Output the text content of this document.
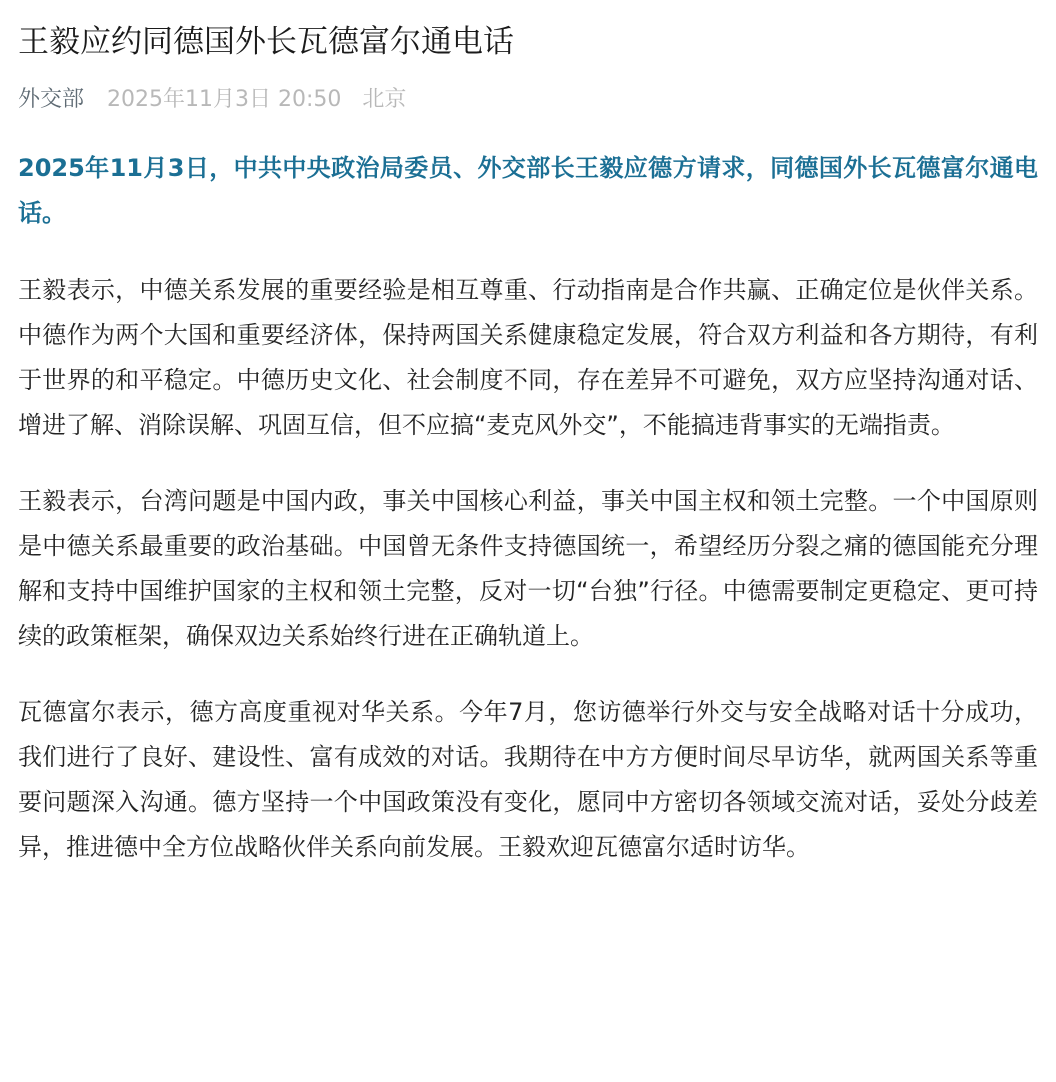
王毅应约同德国外长瓦德富尔通电话
外交部 2025年11月3日 20:50 北京

2025年11月3日，中共中央政治局委员、外交部长王毅应德方请求，同德国外长瓦德富尔通电话。

王毅表示，中德关系发展的重要经验是相互尊重、行动指南是合作共赢、正确定位是伙伴关系。中德作为两个大国和重要经济体，保持两国关系健康稳定发展，符合双方利益和各方期待，有利于世界的和平稳定。中德历史文化、社会制度不同，存在差异不可避免，双方应坚持沟通对话、增进了解、消除误解、巩固互信，但不应搞“麦克风外交”，不能搞违背事实的无端指责。

王毅表示，台湾问题是中国内政，事关中国核心利益，事关中国主权和领土完整。一个中国原则是中德关系最重要的政治基础。中国曾无条件支持德国统一，希望经历分裂之痛的德国能充分理解和支持中国维护国家的主权和领土完整，反对一切“台独”行径。中德需要制定更稳定、更可持续的政策框架，确保双边关系始终行进在正确轨道上。

瓦德富尔表示，德方高度重视对华关系。今年7月，您访德举行外交与安全战略对话十分成功，我们进行了良好、建设性、富有成效的对话。我期待在中方方便时间尽早访华，就两国关系等重要问题深入沟通。德方坚持一个中国政策没有变化，愿同中方密切各领域交流对话，妥处分歧差异，推进德中全方位战略伙伴关系向前发展。王毅欢迎瓦德富尔适时访华。
